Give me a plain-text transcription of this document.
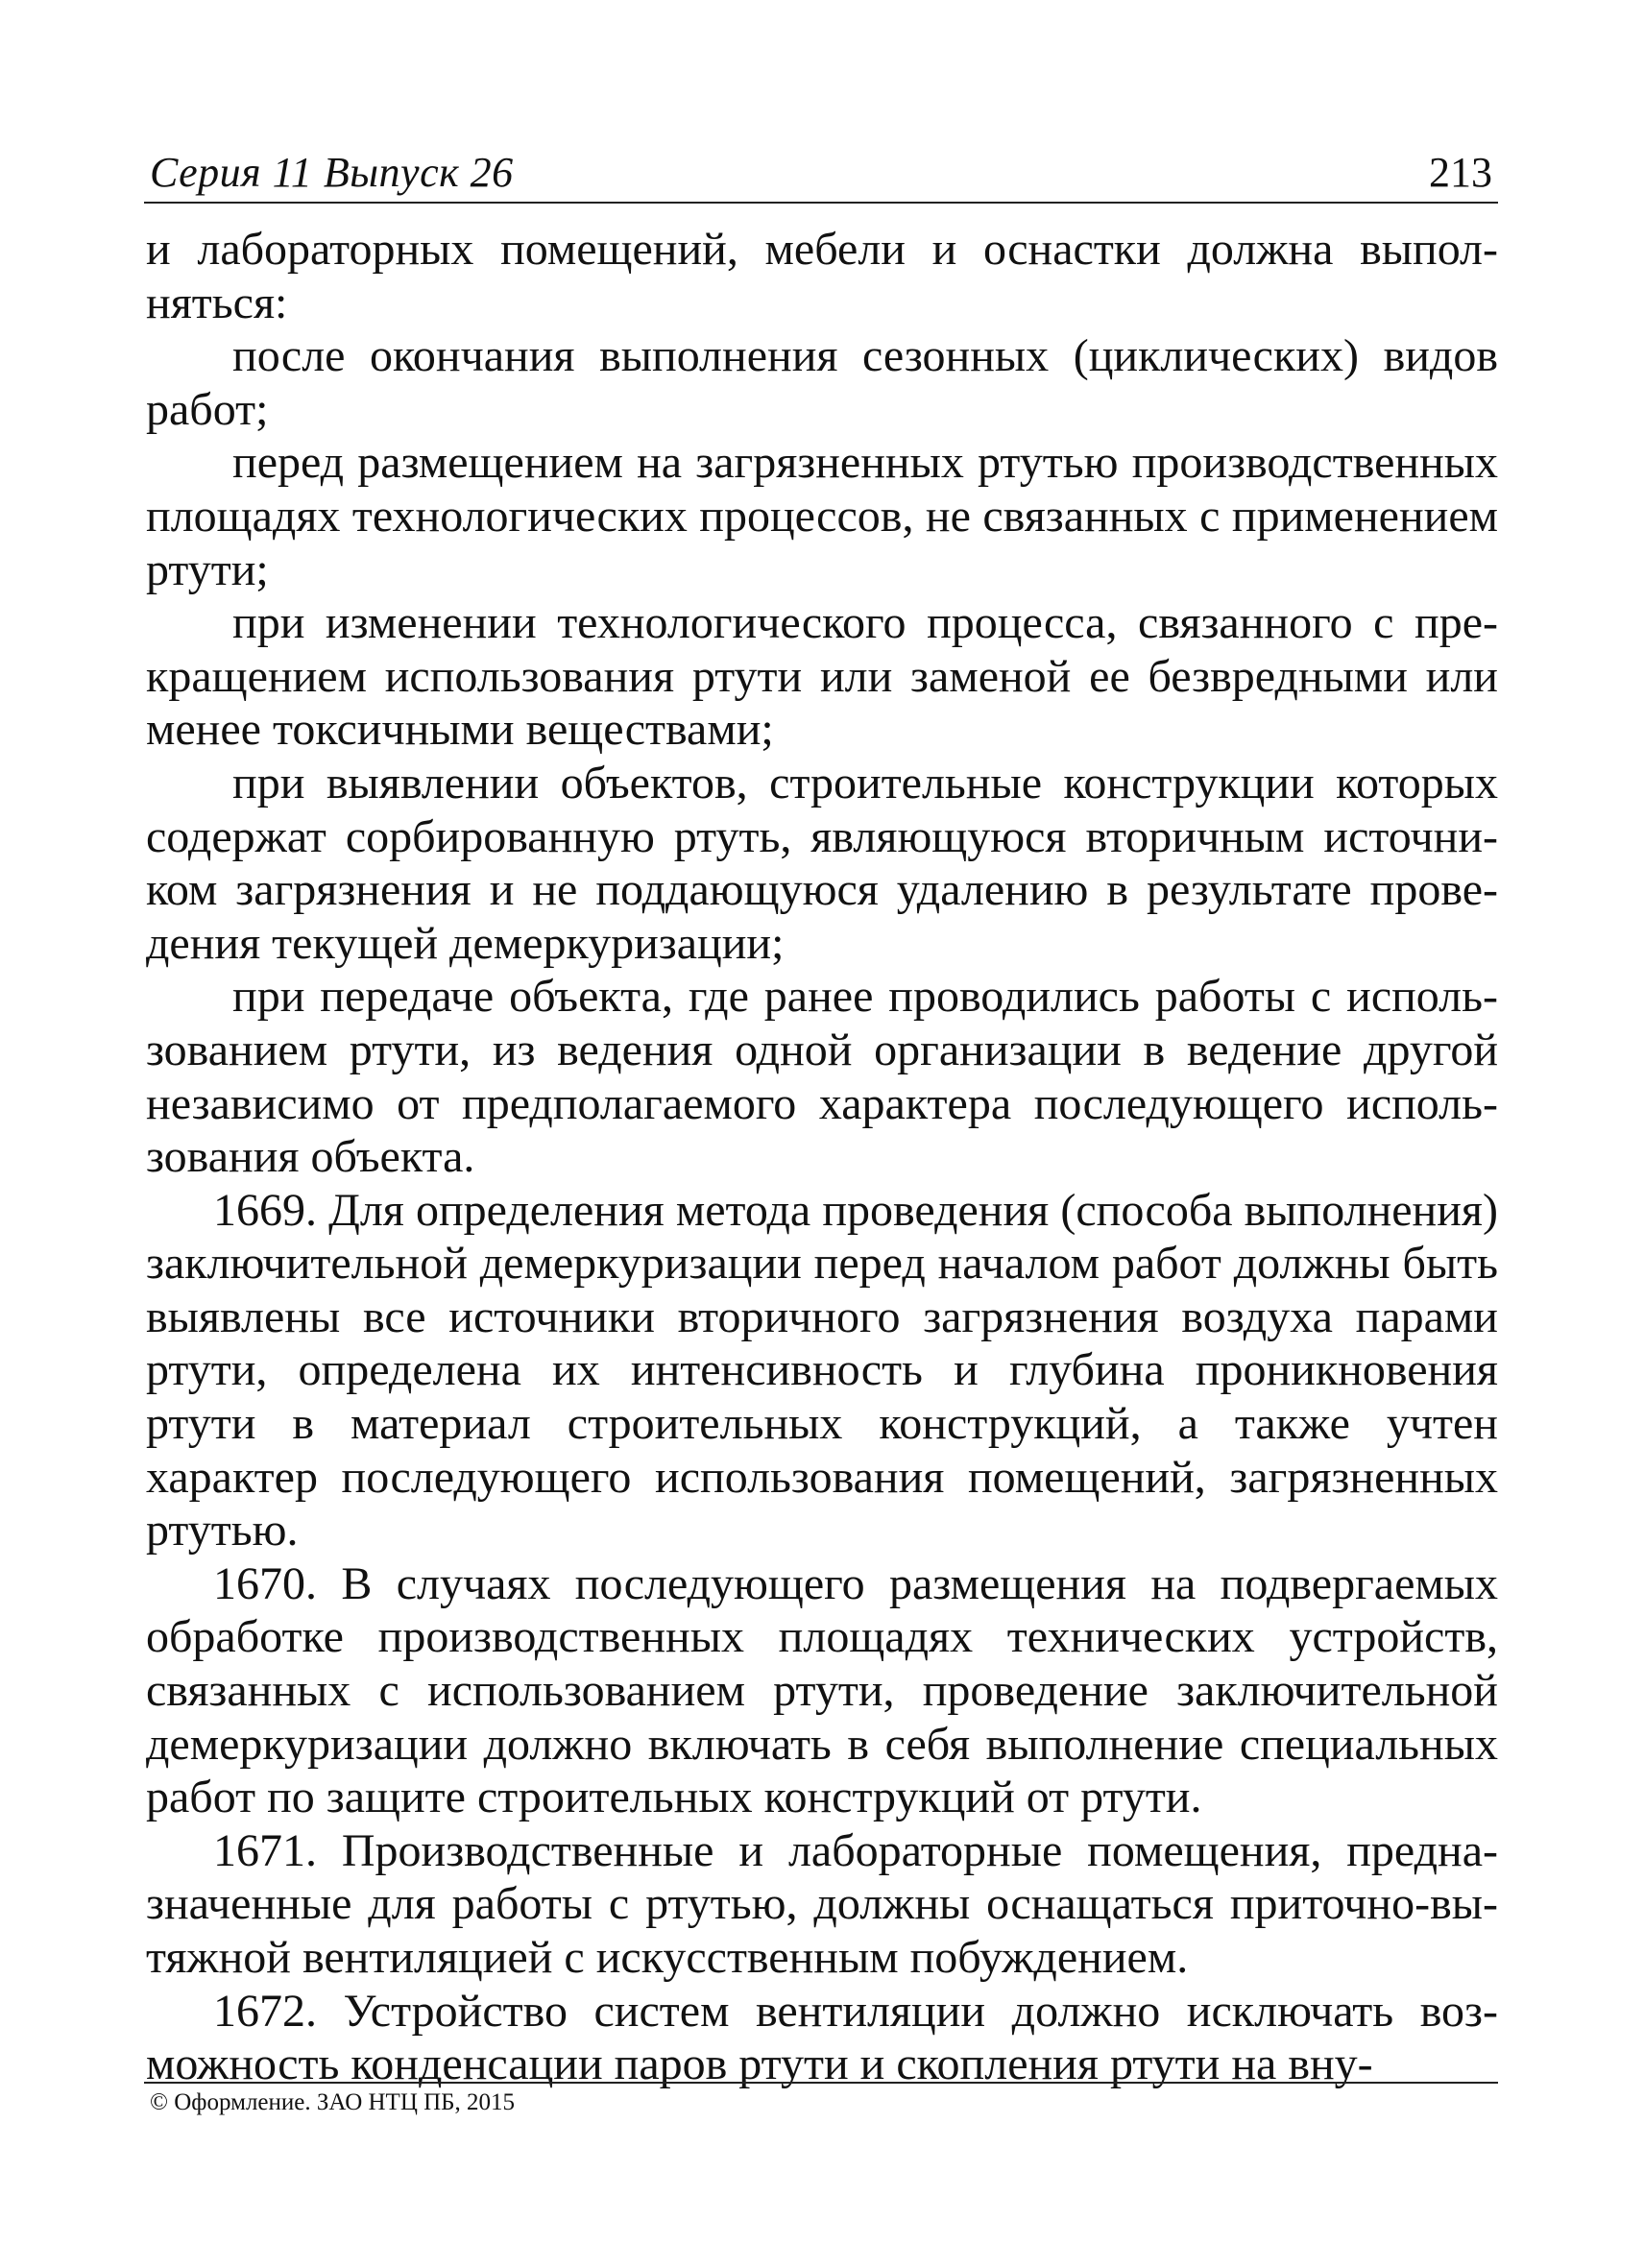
Серия 11 Выпуск 26	213

и лабораторных помещений, мебели и оснастки должна выполняться:

после окончания выполнения сезонных (циклических) видов работ;

перед размещением на загрязненных ртутью производственных площадях технологических процессов, не связанных с применением ртути;

при изменении технологического процесса, связанного с прекращением использования ртути или заменой ее безвредными или менее токсичными веществами;

при выявлении объектов, строительные конструкции которых содержат сорбированную ртуть, являющуюся вторичным источником загрязнения и не поддающуюся удалению в результате проведения текущей демеркуризации;

при передаче объекта, где ранее проводились работы с использованием ртути, из ведения одной организации в ведение другой независимо от предполагаемого характера последующего использования объекта.

1669. Для определения метода проведения (способа выполнения) заключительной демеркуризации перед началом работ должны быть выявлены все источники вторичного загрязнения воздуха парами ртути, определена их интенсивность и глубина проникновения ртути в материал строительных конструкций, а также учтен характер последующего использования помещений, загрязненных ртутью.

1670. В случаях последующего размещения на подвергаемых обработке производственных площадях технических устройств, связанных с использованием ртути, проведение заключительной демеркуризации должно включать в себя выполнение специальных работ по защите строительных конструкций от ртути.

1671. Производственные и лабораторные помещения, предназначенные для работы с ртутью, должны оснащаться приточно-вытяжной вентиляцией с искусственным побуждением.

1672. Устройство систем вентиляции должно исключать возможность конденсации паров ртути и скопления ртути на вну-

© Оформление. ЗАО НТЦ ПБ, 2015
